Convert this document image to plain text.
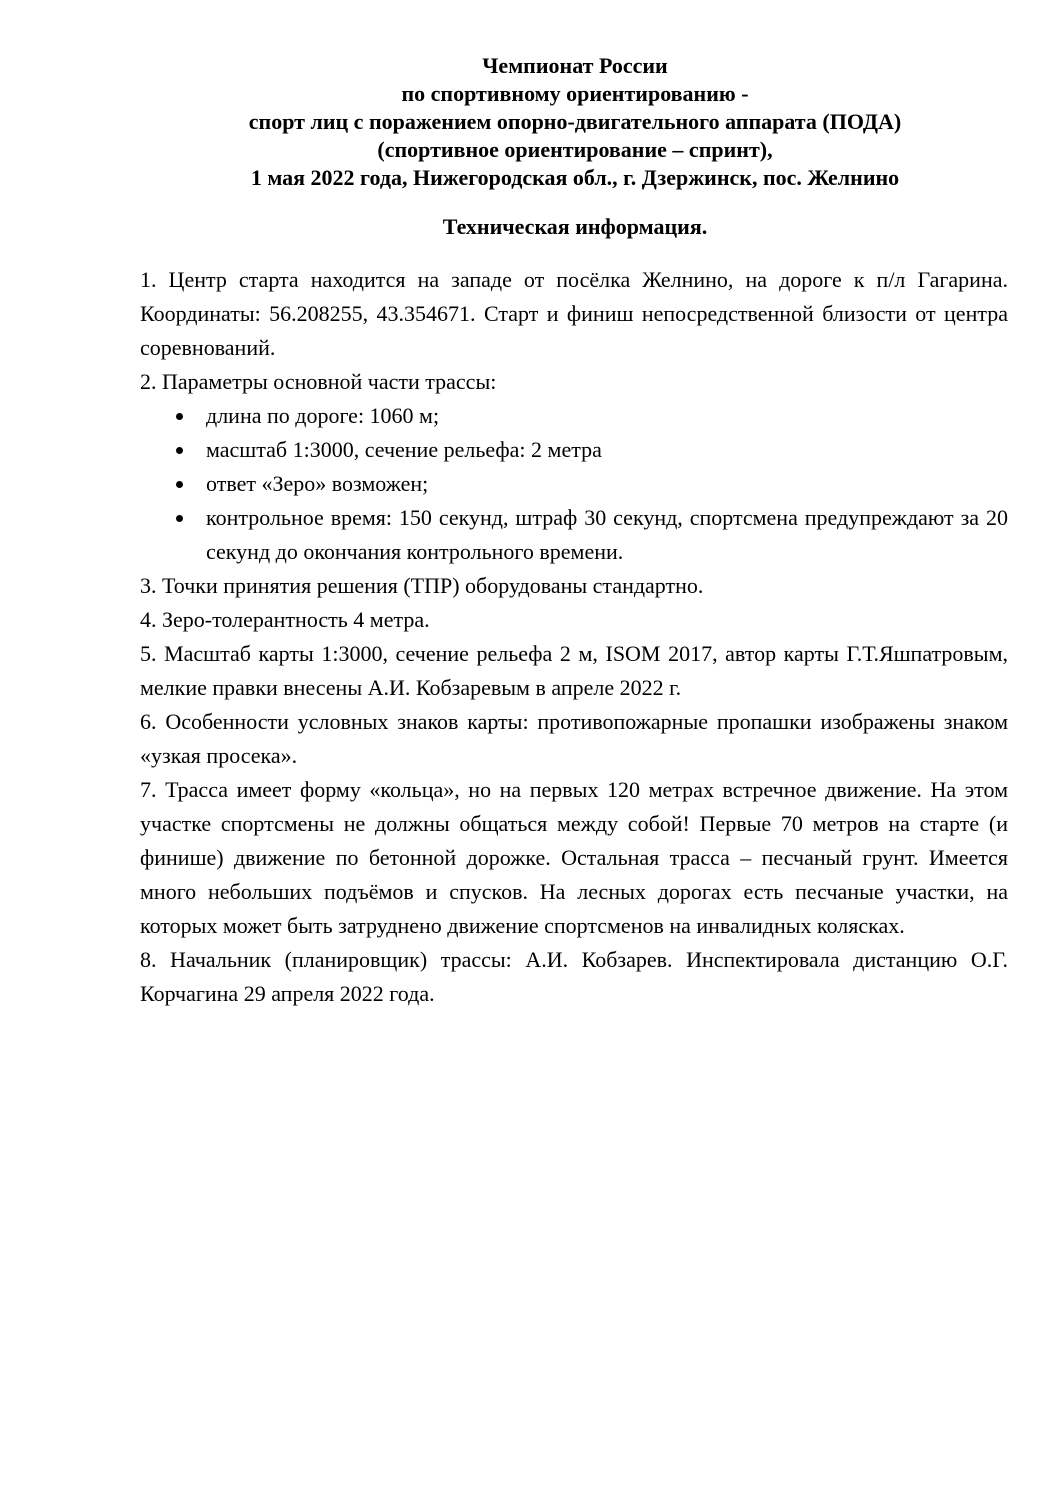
Чемпионат России
по спортивному ориентированию -
спорт лиц с поражением опорно-двигательного аппарата (ПОДА)
(спортивное ориентирование – спринт),
1 мая 2022 года, Нижегородская обл., г. Дзержинск, пос. Желнино
Техническая информация.

1. Центр старта находится на западе от посёлка Желнино, на дороге к п/л Гагарина. Координаты: 56.208255, 43.354671. Старт и финиш непосредственной близости от центра соревнований.

2. Параметры основной части трассы:

длина по дороге: 1060 м;
масштаб 1:3000, сечение рельефа: 2 метра
ответ «Зеро» возможен;
контрольное время: 150 секунд, штраф 30 секунд, спортсмена предупреждают за 20 секунд до окончания контрольного времени.

3. Точки принятия решения (ТПР) оборудованы стандартно.

4. Зеро-толерантность 4 метра.

5. Масштаб карты 1:3000, сечение рельефа 2 м, ISOM 2017, автор карты Г.Т.Яшпатровым, мелкие правки внесены А.И. Кобзаревым в апреле 2022 г.

6. Особенности условных знаков карты: противопожарные пропашки изображены знаком «узкая просека».

7. Трасса имеет форму «кольца», но на первых 120 метрах встречное движение. На этом участке спортсмены не должны общаться между собой! Первые 70 метров на старте (и финише) движение по бетонной дорожке. Остальная трасса – песчаный грунт. Имеется много небольших подъёмов и спусков. На лесных дорогах есть песчаные участки, на которых может быть затруднено движение спортсменов на инвалидных колясках.

8. Начальник (планировщик) трассы: А.И. Кобзарев. Инспектировала дистанцию О.Г. Корчагина 29 апреля 2022 года.
